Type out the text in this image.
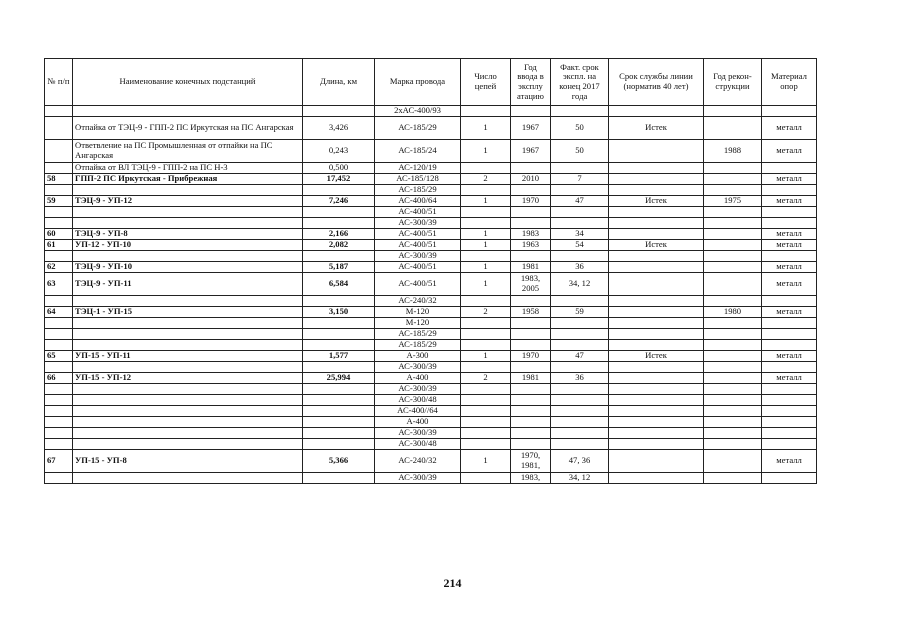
№ п/п	Наименование конечных подстанций	Длина, км	Марка провода	Число цепей	Год ввода в эксплу атацию	Факт. срок экспл. на конец 2017 года	Срок службы линии (норматив 40 лет)	Год рекон-струкции	Материал опор
			2хАС-400/93						
	Отпайка от ТЭЦ-9 - ГПП-2 ПС Иркутская на ПС Ангарская	3,426	АС-185/29	1	1967	50	Истек		металл
	Ответвление на ПС Промышленная от отпайки на ПС Ангарская	0,243	АС-185/24	1	1967	50		1988	металл
	Отпайка от ВЛ ТЭЦ-9 - ГПП-2 на ПС Н-3	0,500	АС-120/19						
58	ГПП-2 ПС Иркутская - Прибрежная	17,452	АС-185/128	2	2010	7			металл
			АС-185/29						
59	ТЭЦ-9 - УП-12	7,246	АС-400/64	1	1970	47	Истек	1975	металл
			АС-400/51						
			АС-300/39						
60	ТЭЦ-9 - УП-8	2,166	АС-400/51	1	1983	34			металл
61	УП-12 - УП-10	2,082	АС-400/51	1	1963	54	Истек		металл
			АС-300/39						
62	ТЭЦ-9 - УП-10	5,187	АС-400/51	1	1981	36			металл
63	ТЭЦ-9 - УП-11	6,584	АС-400/51	1	1983, 2005	34, 12			металл
			АС-240/32						
64	ТЭЦ-1 - УП-15	3,150	М-120	2	1958	59		1980	металл
			М-120						
			АС-185/29						
			АС-185/29						
65	УП-15 - УП-11	1,577	А-300	1	1970	47	Истек		металл
			АС-300/39						
66	УП-15 - УП-12	25,994	А-400	2	1981	36			металл
			АС-300/39						
			АС-300/48						
			АС-400//64						
			А-400						
			АС-300/39						
			АС-300/48						
67	УП-15 - УП-8	5,366	АС-240/32	1	1970, 1981,	47, 36			металл
			АС-300/39		1983,	34, 12			
214
